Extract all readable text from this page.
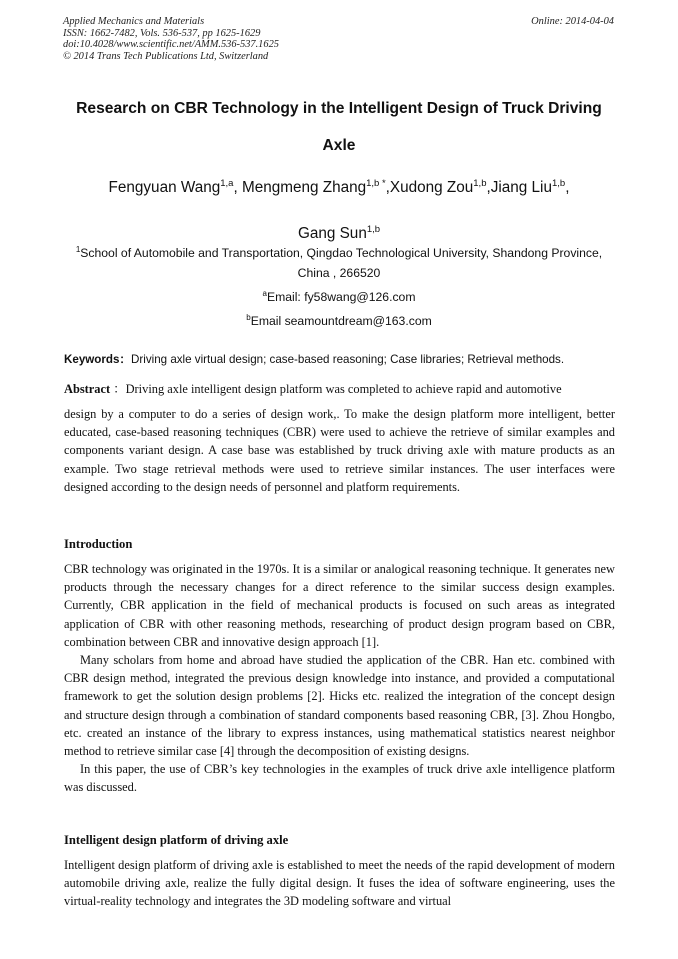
Applied Mechanics and Materials
ISSN: 1662-7482, Vols. 536-537, pp 1625-1629
doi:10.4028/www.scientific.net/AMM.536-537.1625
© 2014 Trans Tech Publications Ltd, Switzerland
Online: 2014-04-04
Research on CBR Technology in the Intelligent Design of Truck Driving
Axle
Fengyuan Wang$^{1,a}$, Mengmeng Zhang$^{1,b *}$,Xudong Zou$^{1,b}$,Jiang Liu$^{1,b}$,
Gang Sun$^{1,b}$
$^1$School of Automobile and Transportation, Qingdao Technological University, Shandong Province,
China , 266520
$^a$Email: fy58wang@126.com
$^b$Email seamountdream@163.com
Keywords：Driving axle virtual design; case-based reasoning; Case libraries; Retrieval methods.
Abstract ：Driving axle intelligent design platform was completed to achieve rapid and automotive
design by a computer to do a series of design work,. To make the design platform more intelligent, better educated, case-based reasoning techniques (CBR) were used to achieve the retrieve of similar examples and components variant design. A case base was established by truck driving axle with mature products as an example. Two stage retrieval methods were used to retrieve similar instances. The user interfaces were designed according to the design needs of personnel and platform requirements.
Introduction

CBR technology was originated in the 1970s. It is a similar or analogical reasoning technique. It generates new products through the necessary changes for a direct reference to the similar success design examples. Currently, CBR application in the field of mechanical products is focused on such areas as integrated application of CBR with other reasoning methods, researching of product design program based on CBR, combination between CBR and innovative design approach [1].

Many scholars from home and abroad have studied the application of the CBR. Han etc. combined with CBR design method, integrated the previous design knowledge into instance, and provided a computational framework to get the solution design problems [2]. Hicks etc. realized the integration of the concept design and structure design through a combination of standard components based reasoning CBR, [3]. Zhou Hongbo, etc. created an instance of the library to express instances, using mathematical statistics nearest neighbor method to retrieve similar case [4] through the decomposition of existing designs.

In this paper, the use of CBR’s key technologies in the examples of truck drive axle intelligence platform was discussed.

Intelligent design platform of driving axle

Intelligent design platform of driving axle is established to meet the needs of the rapid development of modern automobile driving axle, realize the fully digital design. It fuses the idea of software engineering, uses the virtual-reality technology and integrates the 3D modeling software and virtual
